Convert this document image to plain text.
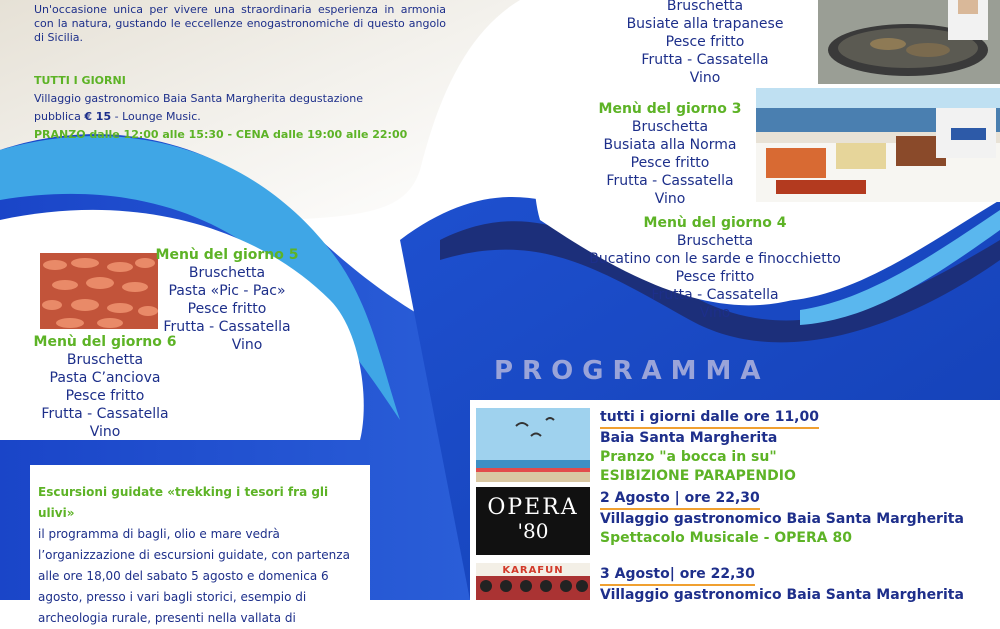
Un'occasione unica per vivere una straordinaria esperienza in armonia con la natura, gustando le eccellenze enogastronomiche di questo angolo di Sicilia.
TUTTI I GIORNI
Villaggio gastronomico Baia Santa Margherita degustazione
pubblica € 15 - Lounge Music.
PRANZO dalle 12:00 alle 15:30 - CENA dalle 19:00 alle 22:00
Bruschetta
Busiate alla trapanese
Pesce fritto
Frutta - Cassatella
Vino
Menù del giorno 3
Bruschetta
Busiata alla Norma
Pesce fritto
Frutta - Cassatella
Vino
Menù del giorno 4
Bruschetta
Bucatino con le sarde e finocchietto
Pesce fritto
Frutta - Cassatella
Vino
Menù del giorno 5
Bruschetta
Pasta «Pic - Pac»
Pesce fritto
Frutta - Cassatella
Vino
Menù del giorno 6
Bruschetta
Pasta C’anciova
Pesce fritto
Frutta - Cassatella
Vino
PROGRAMMA
tutti i giorni dalle ore 11,00
Baia Santa Margherita
Pranzo "a bocca in su"
ESIBIZIONE PARAPENDIO
OPERA
'80
2 Agosto | ore 22,30
Villaggio gastronomico Baia Santa Margherita
Spettacolo Musicale - OPERA 80
KARAFUN	3 Agosto| ore 22,30
Villaggio gastronomico Baia Santa Margherita
Escursioni guidate «trekking i tesori fra gli ulivi»
il programma di bagli, olio e mare vedrà
l’organizzazione di escursioni guidate, con partenza
alle ore 18,00 del sabato 5 agosto e domenica 6
agosto, presso i vari bagli storici, esempio di
archeologia rurale, presenti nella vallata di
